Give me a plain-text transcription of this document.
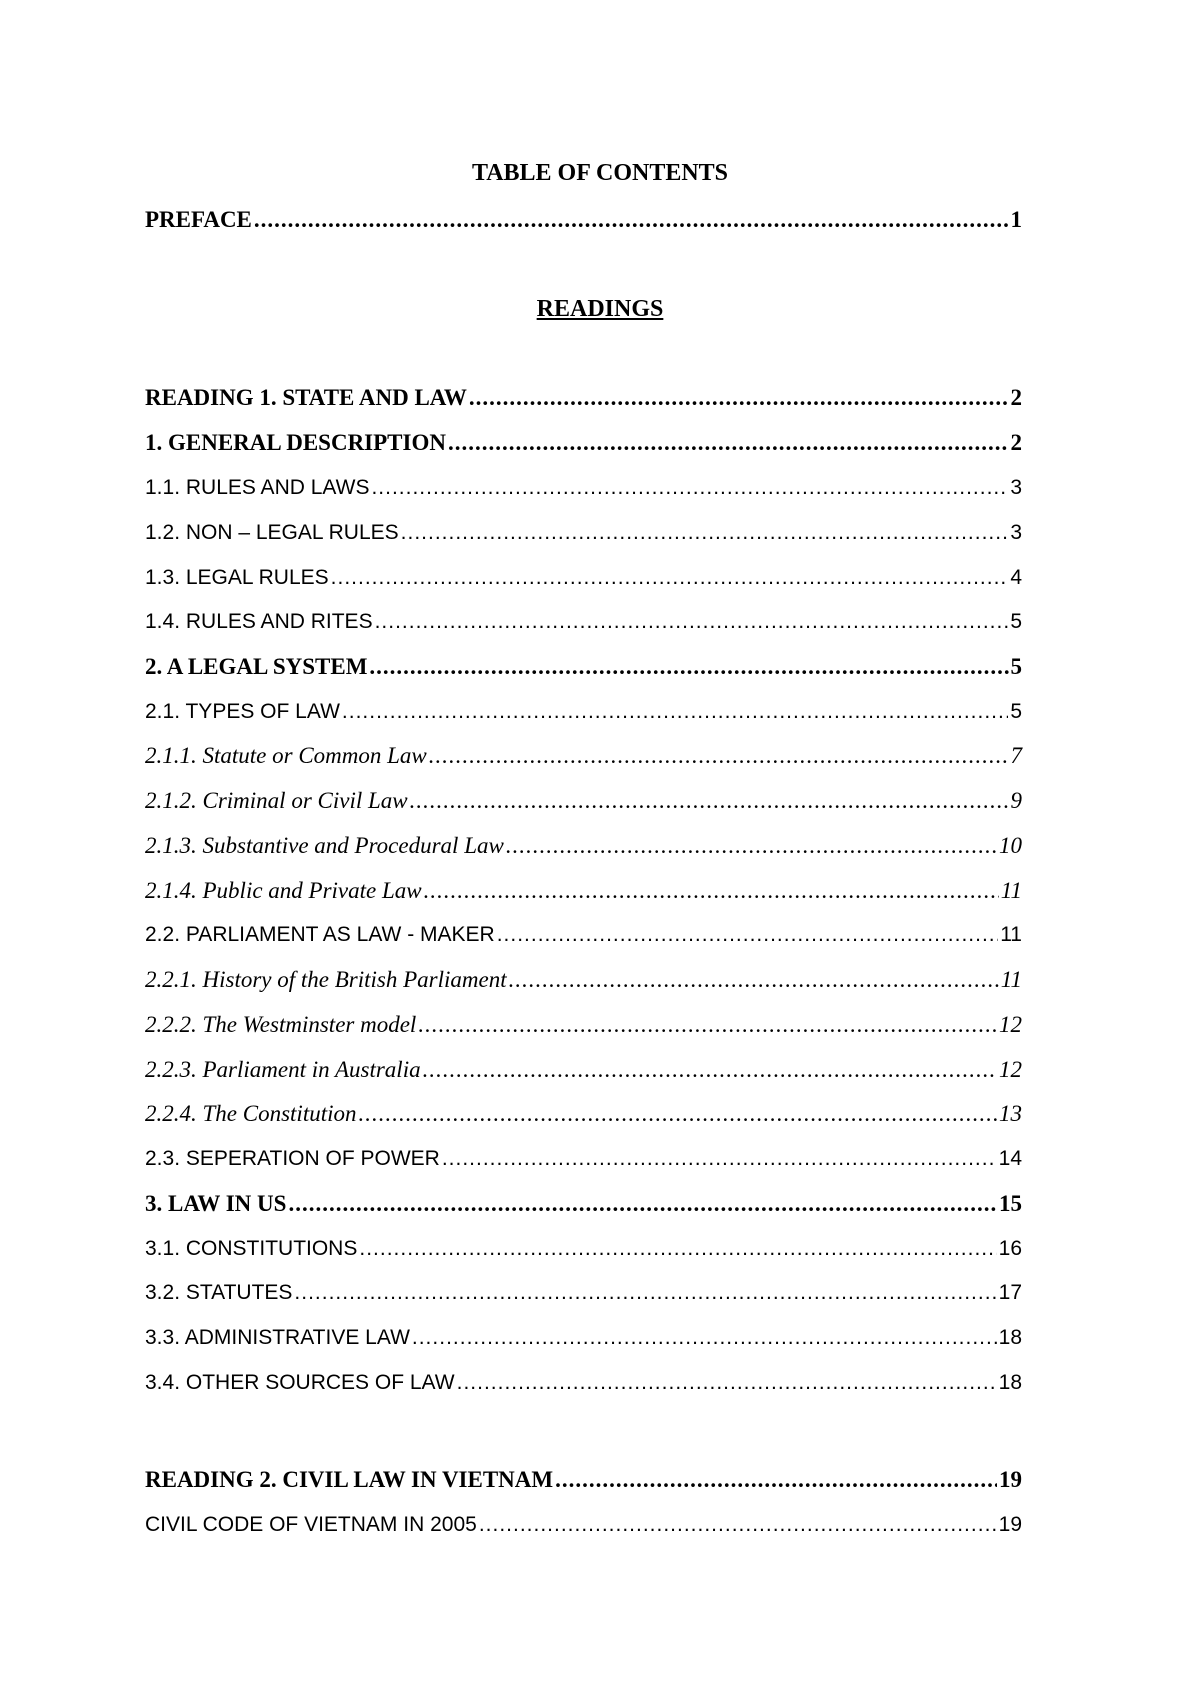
TABLE OF CONTENTS
PREFACE .....	1
READINGS
READING 1. STATE AND LAW .....	2
1. GENERAL DESCRIPTION .....	2
1.1. RULES AND LAWS .....	3
1.2. NON – LEGAL RULES .....	3
1.3. LEGAL RULES .....	4
1.4. RULES AND RITES .....	5
2. A LEGAL SYSTEM .....	5
2.1. TYPES OF LAW .....	5
2.1.1. Statute or Common Law .....	7
2.1.2. Criminal or Civil Law .....	9
2.1.3. Substantive and Procedural Law .....	10
2.1.4. Public and Private Law .....	11
2.2. PARLIAMENT AS LAW - MAKER .....	11
2.2.1. History of the British Parliament .....	11
2.2.2. The Westminster model .....	12
2.2.3. Parliament in Australia .....	12
2.2.4. The Constitution .....	13
2.3. SEPERATION OF POWER .....	14
3. LAW IN US .....	15
3.1. CONSTITUTIONS .....	16
3.2. STATUTES .....	17
3.3. ADMINISTRATIVE LAW .....	18
3.4. OTHER SOURCES OF LAW .....	18
READING 2. CIVIL LAW IN VIETNAM .....	19
CIVIL CODE OF VIETNAM IN 2005 .....	19
